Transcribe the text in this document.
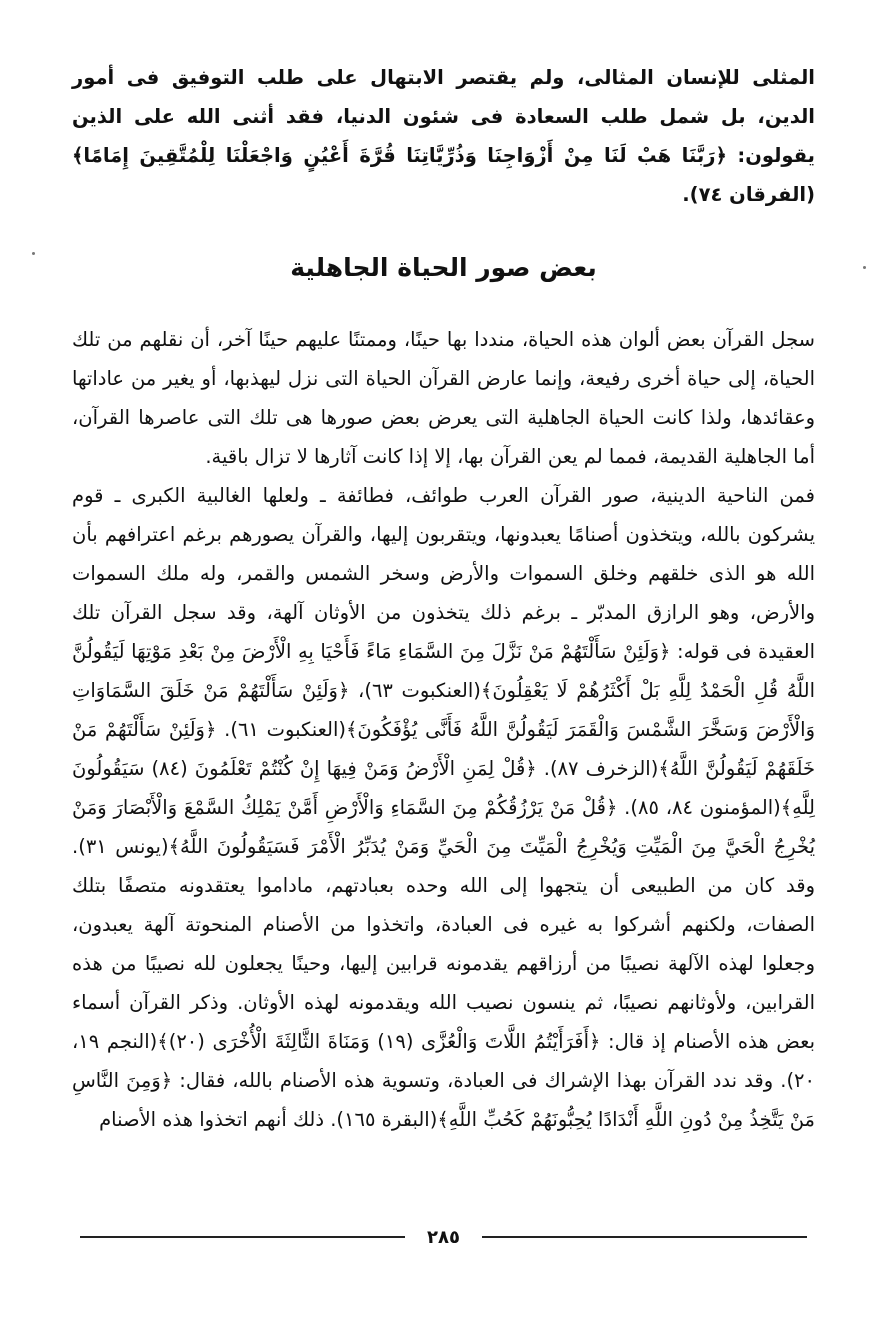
المثلى للإنسان المثالى، ولم يقتصر الابتهال على طلب التوفيق فى أمور الدين، بل شمل طلب السعادة فى شئون الدنيا، فقد أثنى الله على الذين يقولون: ﴿رَبَّنَا هَبْ لَنَا مِنْ أَزْوَاجِنَا وَذُرِّيَّاتِنَا قُرَّةَ أَعْيُنٍ وَاجْعَلْنَا لِلْمُتَّقِينَ إِمَامًا﴾ (الفرقان ٧٤).

بعض صور الحياة الجاهلية

سجل القرآن بعض ألوان هذه الحياة، منددا بها حينًا، وممتنًا عليهم حينًا آخر، أن نقلهم من تلك الحياة، إلى حياة أخرى رفيعة، وإنما عارض القرآن الحياة التى نزل ليهذبها، أو يغير من عاداتها وعقائدها، ولذا كانت الحياة الجاهلية التى يعرض بعض صورها هى تلك التى عاصرها القرآن، أما الجاهلية القديمة، فمما لم يعن القرآن بها، إلا إذا كانت آثارها لا تزال باقية.

فمن الناحية الدينية، صور القرآن العرب طوائف، فطائفة ـ ولعلها الغالبية الكبرى ـ قوم يشركون بالله، ويتخذون أصنامًا يعبدونها، ويتقربون إليها، والقرآن يصورهم برغم اعترافهم بأن الله هو الذى خلقهم وخلق السموات والأرض وسخر الشمس والقمر، وله ملك السموات والأرض، وهو الرازق المدبّر ـ برغم ذلك يتخذون من الأوثان آلهة، وقد سجل القرآن تلك العقيدة فى قوله: ﴿وَلَئِنْ سَأَلْتَهُمْ مَنْ نَزَّلَ مِنَ السَّمَاءِ مَاءً فَأَحْيَا بِهِ الْأَرْضَ مِنْ بَعْدِ مَوْتِهَا لَيَقُولُنَّ اللَّهُ قُلِ الْحَمْدُ لِلَّهِ بَلْ أَكْثَرُهُمْ لَا يَعْقِلُونَ﴾(العنكبوت ٦٣)، ﴿وَلَئِنْ سَأَلْتَهُمْ مَنْ خَلَقَ السَّمَاوَاتِ وَالْأَرْضَ وَسَخَّرَ الشَّمْسَ وَالْقَمَرَ لَيَقُولُنَّ اللَّهُ فَأَنَّى يُؤْفَكُونَ﴾(العنكبوت ٦١). ﴿وَلَئِنْ سَأَلْتَهُمْ مَنْ خَلَقَهُمْ لَيَقُولُنَّ اللَّهُ﴾(الزخرف ٨٧). ﴿قُلْ لِمَنِ الْأَرْضُ وَمَنْ فِيهَا إِنْ كُنْتُمْ تَعْلَمُونَ (٨٤) سَيَقُولُونَ لِلَّهِ﴾(المؤمنون ٨٤، ٨٥). ﴿قُلْ مَنْ يَرْزُقُكُمْ مِنَ السَّمَاءِ وَالْأَرْضِ أَمَّنْ يَمْلِكُ السَّمْعَ وَالْأَبْصَارَ وَمَنْ يُخْرِجُ الْحَيَّ مِنَ الْمَيِّتِ وَيُخْرِجُ الْمَيِّتَ مِنَ الْحَيِّ وَمَنْ يُدَبِّرُ الْأَمْرَ فَسَيَقُولُونَ اللَّهُ﴾(يونس ٣١). وقد كان من الطبيعى أن يتجهوا إلى الله وحده بعبادتهم، ماداموا يعتقدونه متصفًا بتلك الصفات، ولكنهم أشركوا به غيره فى العبادة، واتخذوا من الأصنام المنحوتة آلهة يعبدون، وجعلوا لهذه الآلهة نصيبًا من أرزاقهم يقدمونه قرابين إليها، وحينًا يجعلون لله نصيبًا من هذه القرابين، ولأوثانهم نصيبًا، ثم ينسون نصيب الله ويقدمونه لهذه الأوثان. وذكر القرآن أسماء بعض هذه الأصنام إذ قال: ﴿أَفَرَأَيْتُمُ اللَّاتَ وَالْعُزَّى (١٩) وَمَنَاةَ الثَّالِثَةَ الْأُخْرَى (٢٠)﴾(النجم ١٩، ٢٠). وقد ندد القرآن بهذا الإشراك فى العبادة، وتسوية هذه الأصنام بالله، فقال: ﴿وَمِنَ النَّاسِ مَنْ يَتَّخِذُ مِنْ دُونِ اللَّهِ أَنْدَادًا يُحِبُّونَهُمْ كَحُبِّ اللَّهِ﴾(البقرة ١٦٥). ذلك أنهم اتخذوا هذه الأصنام

٢٨٥
